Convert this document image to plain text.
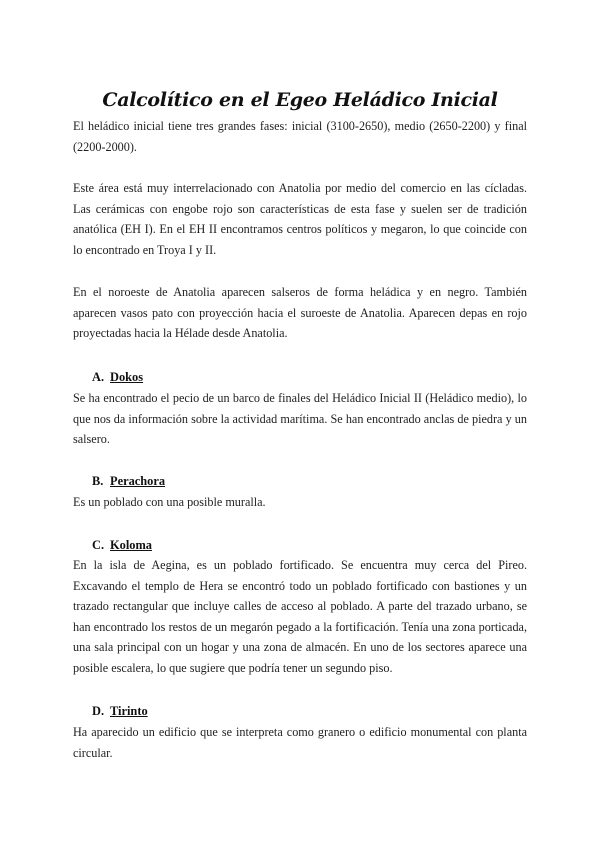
Calcolítico en el Egeo Heládico Inicial

El heládico inicial tiene tres grandes fases: inicial (3100-2650), medio (2650-2200) y final (2200-2000).

Este área está muy interrelacionado con Anatolia por medio del comercio en las cícladas. Las cerámicas con engobe rojo son características de esta fase y suelen ser de tradición anatólica (EH I). En el EH II encontramos centros políticos y megaron, lo que coincide con lo encontrado en Troya I y II.

En el noroeste de Anatolia aparecen salseros de forma heládica y en negro. También aparecen vasos pato con proyección hacia el suroeste de Anatolia. Aparecen depas en rojo proyectadas hacia la Hélade desde Anatolia.

A. Dokos

Se ha encontrado el pecio de un barco de finales del Heládico Inicial II (Heládico medio), lo que nos da información sobre la actividad marítima. Se han encontrado anclas de piedra y un salsero.

B. Perachora

Es un poblado con una posible muralla.

C. Koloma

En la isla de Aegina, es un poblado fortificado. Se encuentra muy cerca del Pireo. Excavando el templo de Hera se encontró todo un poblado fortificado con bastiones y un trazado rectangular que incluye calles de acceso al poblado. A parte del trazado urbano, se han encontrado los restos de un megarón pegado a la fortificación. Tenía una zona porticada, una sala principal con un hogar y una zona de almacén. En uno de los sectores aparece una posible escalera, lo que sugiere que podría tener un segundo piso.

D. Tirinto

Ha aparecido un edificio que se interpreta como granero o edificio monumental con planta circular.
